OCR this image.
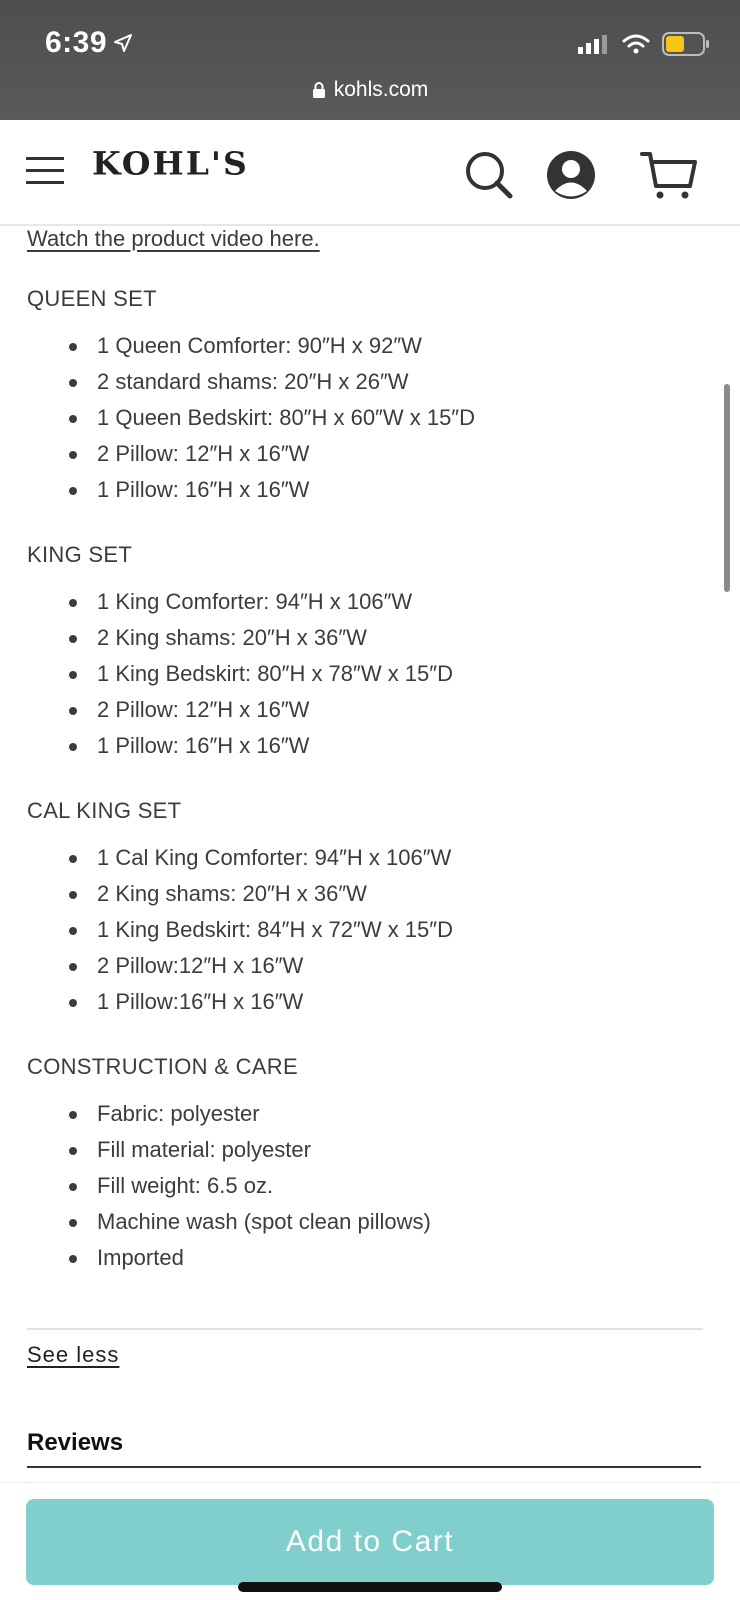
6:39
kohls.com
KOHL'S
Watch the product video here.
QUEEN SET
1 Queen Comforter: 90″H x 92″W
2 standard shams: 20″H x 26″W
1 Queen Bedskirt: 80″H x 60″W x 15″D
2 Pillow: 12″H x 16″W
1 Pillow: 16″H x 16″W
KING SET
1 King Comforter: 94″H x 106″W
2 King shams: 20″H x 36″W
1 King Bedskirt: 80″H x 78″W x 15″D
2 Pillow: 12″H x 16″W
1 Pillow: 16″H x 16″W
CAL KING SET
1 Cal King Comforter: 94″H x 106″W
2 King shams: 20″H x 36″W
1 King Bedskirt: 84″H x 72″W x 15″D
2 Pillow:12″H x 16″W
1 Pillow:16″H x 16″W
CONSTRUCTION & CARE
Fabric: polyester
Fill material: polyester
Fill weight: 6.5 oz.
Machine wash (spot clean pillows)
Imported
See less
Reviews
Add to Cart
